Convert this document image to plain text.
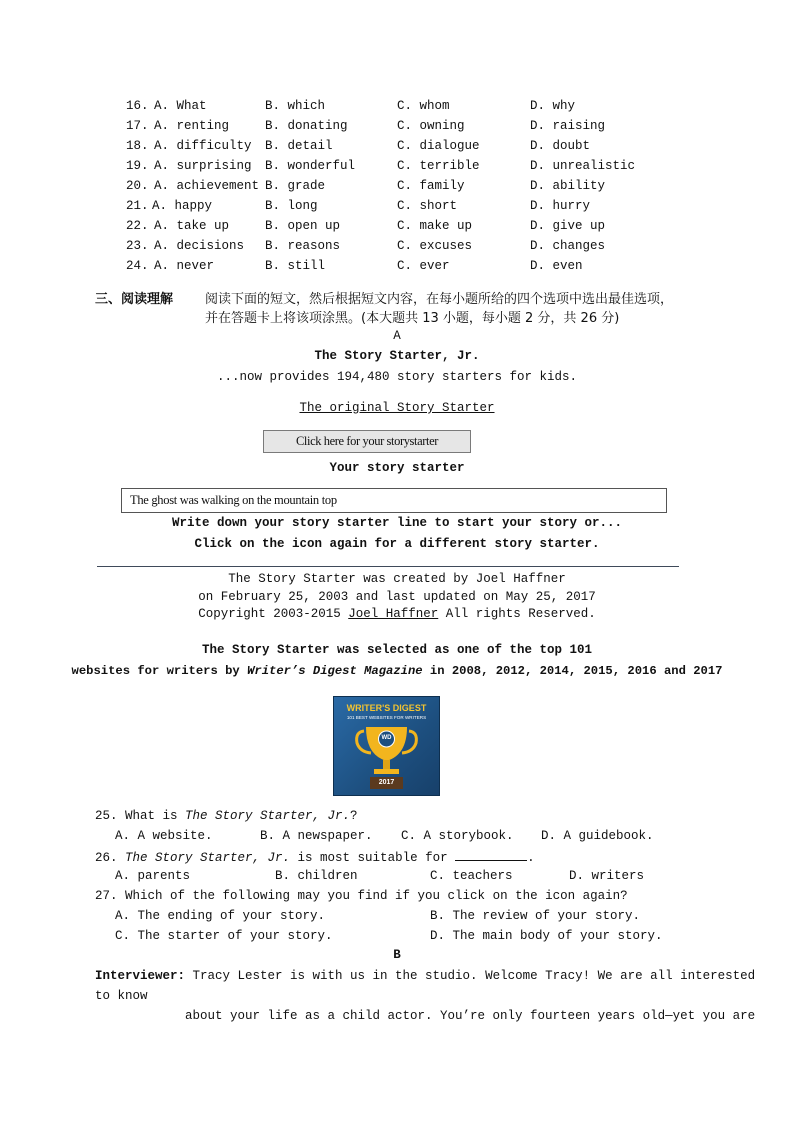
16. A. What	B. which	C. whom	D. why
17. A. renting	B. donating	C. owning	D. raising
18. A. difficulty B. detail	C. dialogue	D. doubt
19. A. surprising B. wonderful	C. terrible	D. unrealistic
20. A. achievement B. grade	C. family	D. ability
21. A. happy	B. long	C. short	D. hurry
22. A. take up	B. open up	C. make up	D. give up
23. A. decisions B. reasons	C. excuses	D. changes
24. A. never	B. still	C. ever	D. even
三、阅读理解 阅读下面的短文，然后根据短文内容，在每小题所给的四个选项中选出最佳选项，
并在答题卡上将该项涂黑。(本大题共 13 小题，每小题 2 分，共 26 分)
A
The Story Starter, Jr.
...now provides 194,480 story starters for kids.
The original Story Starter
Click here for your storystarter
Your story starter
The ghost was walking on the mountain top
Write down your story starter line to start your story or...
Click on the icon again for a different story starter.
The Story Starter was created by Joel Haffner
on February 25, 2003 and last updated on May 25, 2017
Copyright 2003-2015 Joel Haffner All rights Reserved.
The Story Starter was selected as one of the top 101
websites for writers by Writer’s Digest Magazine in 2008, 2012, 2014, 2015, 2016 and 2017
WRITER'S DIGEST
101 BEST WEBSITES FOR WRITERS
WD
2017
25. What is The Story Starter, Jr.?
A. A website.	B. A newspaper. C. A storybook. D. A guidebook.
26. The Story Starter, Jr. is most suitable for	.
A. parents	B. children	C. teachers	D. writers
27. Which of the following may you find if you click on the icon again?
A. The ending of your story.	B. The review of your story.
C. The starter of your story.	D. The main body of your story.
B
Interviewer: Tracy Lester is with us in the studio. Welcome Tracy! We are all interested
to know
about your life as a child actor. You’re only fourteen years old—yet you are
